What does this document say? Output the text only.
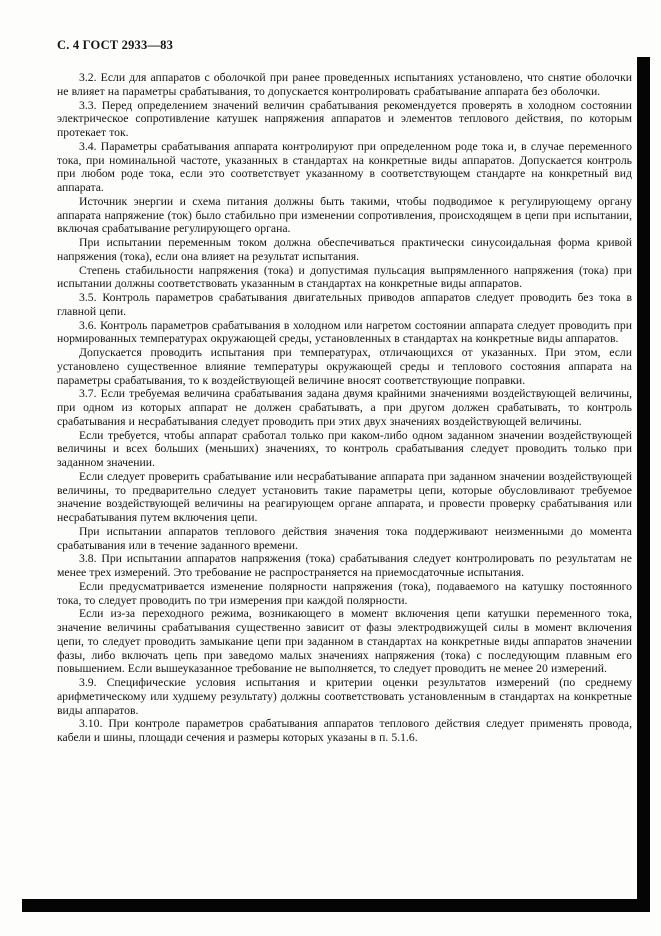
С. 4 ГОСТ 2933—83

3.2. Если для аппаратов с оболочкой при ранее проведенных испытаниях установлено, что снятие оболочки не влияет на параметры срабатывания, то допускается контролировать срабатывание аппарата без оболочки.

3.3. Перед определением значений величин срабатывания рекомендуется проверять в холодном состоянии электрическое сопротивление катушек напряжения аппаратов и элементов теплового действия, по которым протекает ток.

3.4. Параметры срабатывания аппарата контролируют при определенном роде тока и, в случае переменного тока, при номинальной частоте, указанных в стандартах на конкретные виды аппаратов. Допускается контроль при любом роде тока, если это соответствует указанному в соответствующем стандарте на конкретный вид аппарата.

Источник энергии и схема питания должны быть такими, чтобы подводимое к регулирующему органу аппарата напряжение (ток) было стабильно при изменении сопротивления, происходящем в цепи при испытании, включая срабатывание регулирующего органа.

При испытании переменным током должна обеспечиваться практически синусоидальная форма кривой напряжения (тока), если она влияет на результат испытания.

Степень стабильности напряжения (тока) и допустимая пульсация выпрямленного напряжения (тока) при испытании должны соответствовать указанным в стандартах на конкретные виды аппаратов.

3.5. Контроль параметров срабатывания двигательных приводов аппаратов следует проводить без тока в главной цепи.

3.6. Контроль параметров срабатывания в холодном или нагретом состоянии аппарата следует проводить при нормированных температурах окружающей среды, установленных в стандартах на конкретные виды аппаратов.

Допускается проводить испытания при температурах, отличающихся от указанных. При этом, если установлено существенное влияние температуры окружающей среды и теплового состояния аппарата на параметры срабатывания, то к воздействующей величине вносят соответствующие поправки.

3.7. Если требуемая величина срабатывания задана двумя крайними значениями воздействующей величины, при одном из которых аппарат не должен срабатывать, а при другом должен срабатывать, то контроль срабатывания и несрабатывания следует проводить при этих двух значениях воздействующей величины.

Если требуется, чтобы аппарат сработал только при каком-либо одном заданном значении воздействующей величины и всех больших (меньших) значениях, то контроль срабатывания следует проводить только при заданном значении.

Если следует проверить срабатывание или несрабатывание аппарата при заданном значении воздействующей величины, то предварительно следует установить такие параметры цепи, которые обусловливают требуемое значение воздействующей величины на реагирующем органе аппарата, и провести проверку срабатывания или несрабатывания путем включения цепи.

При испытании аппаратов теплового действия значения тока поддерживают неизменными до момента срабатывания или в течение заданного времени.

3.8. При испытании аппаратов напряжения (тока) срабатывания следует контролировать по результатам не менее трех измерений. Это требование не распространяется на приемосдаточные испытания.

Если предусматривается изменение полярности напряжения (тока), подаваемого на катушку постоянного тока, то следует проводить по три измерения при каждой полярности.

Если из-за переходного режима, возникающего в момент включения цепи катушки переменного тока, значение величины срабатывания существенно зависит от фазы электродвижущей силы в момент включения цепи, то следует проводить замыкание цепи при заданном в стандартах на конкретные виды аппаратов значении фазы, либо включать цепь при заведомо малых значениях напряжения (тока) с последующим плавным его повышением. Если вышеуказанное требование не выполняется, то следует проводить не менее 20 измерений.

3.9. Специфические условия испытания и критерии оценки результатов измерений (по среднему арифметическому или худшему результату) должны соответствовать установленным в стандартах на конкретные виды аппаратов.

3.10. При контроле параметров срабатывания аппаратов теплового действия следует применять провода, кабели и шины, площади сечения и размеры которых указаны в п. 5.1.6.
